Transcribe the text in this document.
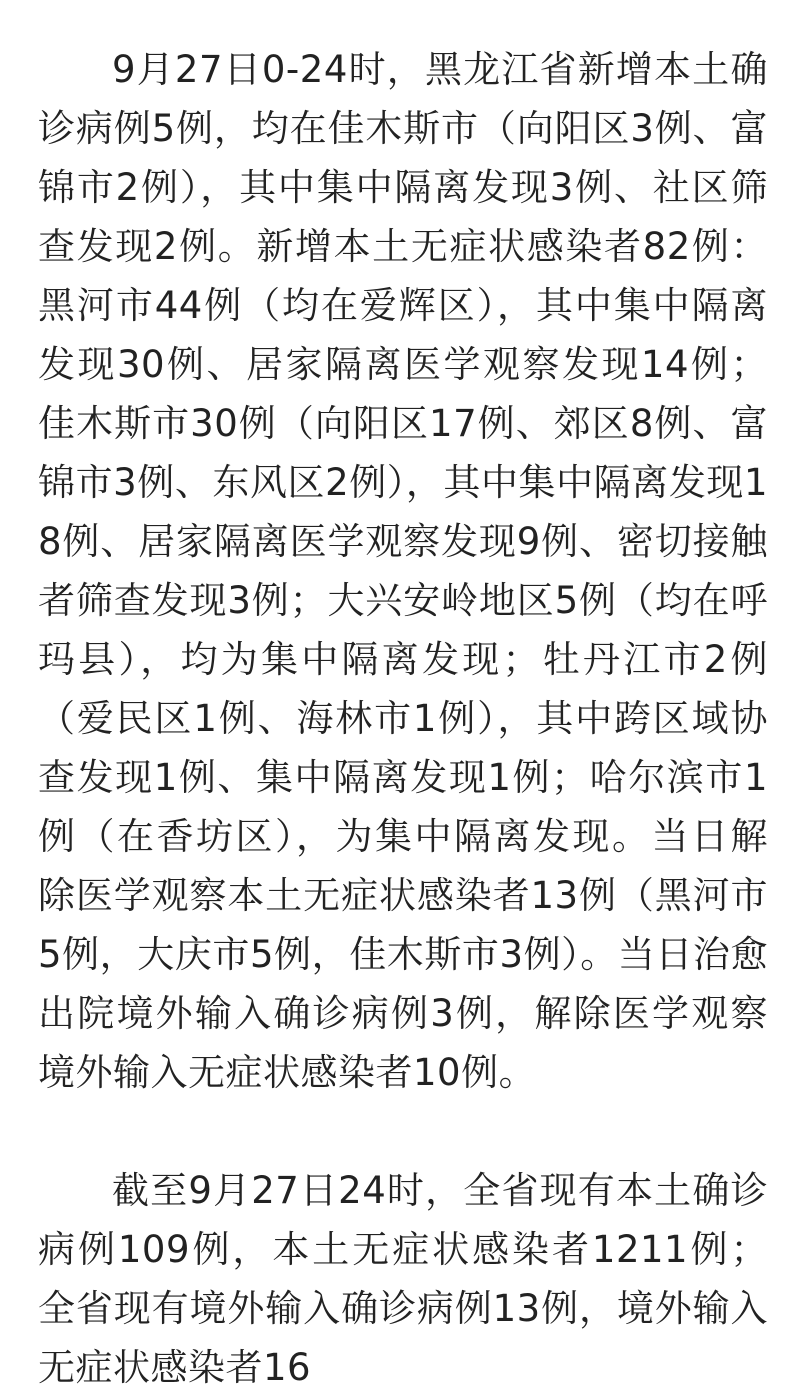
9月27日0-24时，黑龙江省新增本土确诊病例5例，均在佳木斯市（向阳区3例、富锦市2例），其中集中隔离发现3例、社区筛查发现2例。新增本土无症状感染者82例：黑河市44例（均在爱辉区），其中集中隔离发现30例、居家隔离医学观察发现14例；佳木斯市30例（向阳区17例、郊区8例、富锦市3例、东风区2例），其中集中隔离发现18例、居家隔离医学观察发现9例、密切接触者筛查发现3例；大兴安岭地区5例（均在呼玛县），均为集中隔离发现；牡丹江市2例（爱民区1例、海林市1例），其中跨区域协查发现1例、集中隔离发现1例；哈尔滨市1例（在香坊区），为集中隔离发现。当日解除医学观察本土无症状感染者13例（黑河市5例，大庆市5例，佳木斯市3例）。当日治愈出院境外输入确诊病例3例，解除医学观察境外输入无症状感染者10例。

截至9月27日24时，全省现有本土确诊病例109例，本土无症状感染者1211例；全省现有境外输入确诊病例13例，境外输入无症状感染者16
